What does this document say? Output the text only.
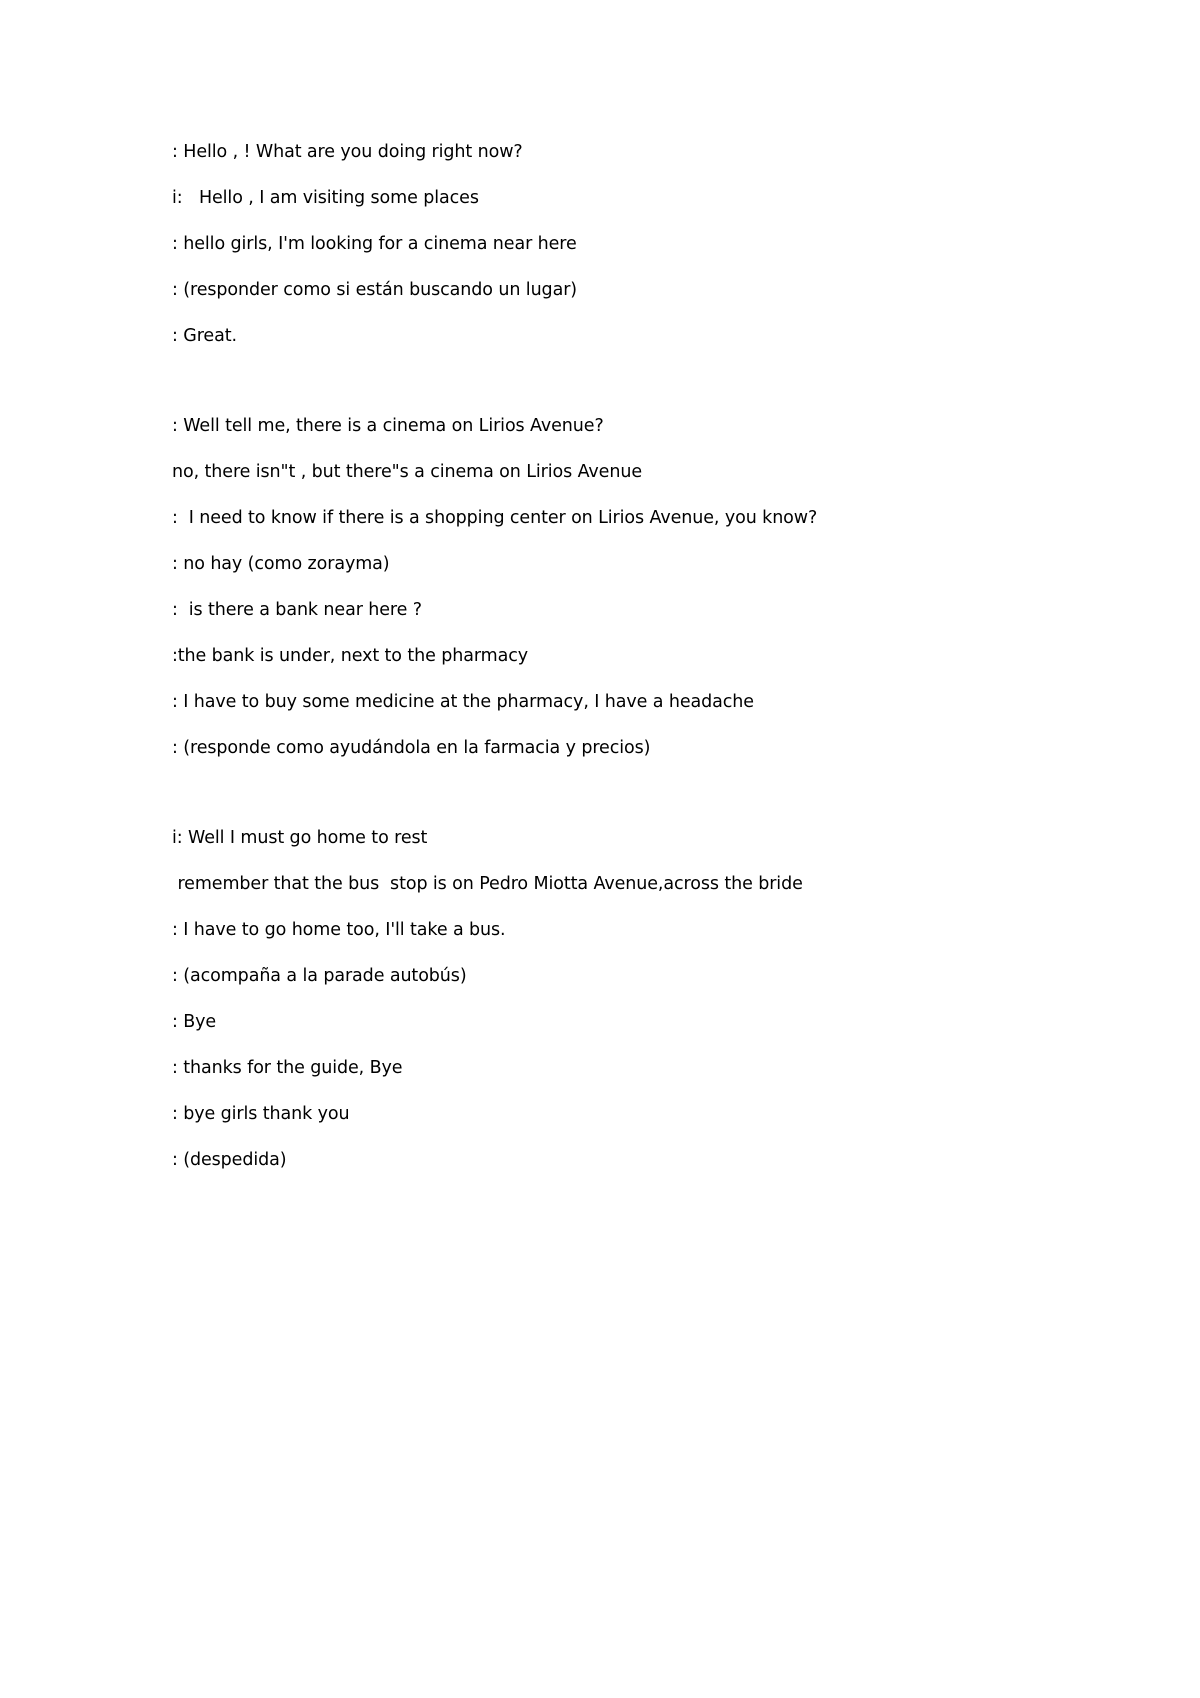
: Hello , ! What are you doing right now?
i:   Hello , I am visiting some places
: hello girls, I'm looking for a cinema near here
: (responder como si están buscando un lugar)
: Great.
: Well tell me, there is a cinema on Lirios Avenue?
no, there isn"t , but there"s a cinema on Lirios Avenue
:  I need to know if there is a shopping center on Lirios Avenue, you know?
: no hay (como zorayma)
:  is there a bank near here ?
:the bank is under, next to the pharmacy
: I have to buy some medicine at the pharmacy, I have a headache
: (responde como ayudándola en la farmacia y precios)
i: Well I must go home to rest
remember that the bus  stop is on Pedro Miotta Avenue,across the bride
: I have to go home too, I'll take a bus.
: (acompaña a la parade autobús)
: Bye
: thanks for the guide, Bye
: bye girls thank you
: (despedida)
